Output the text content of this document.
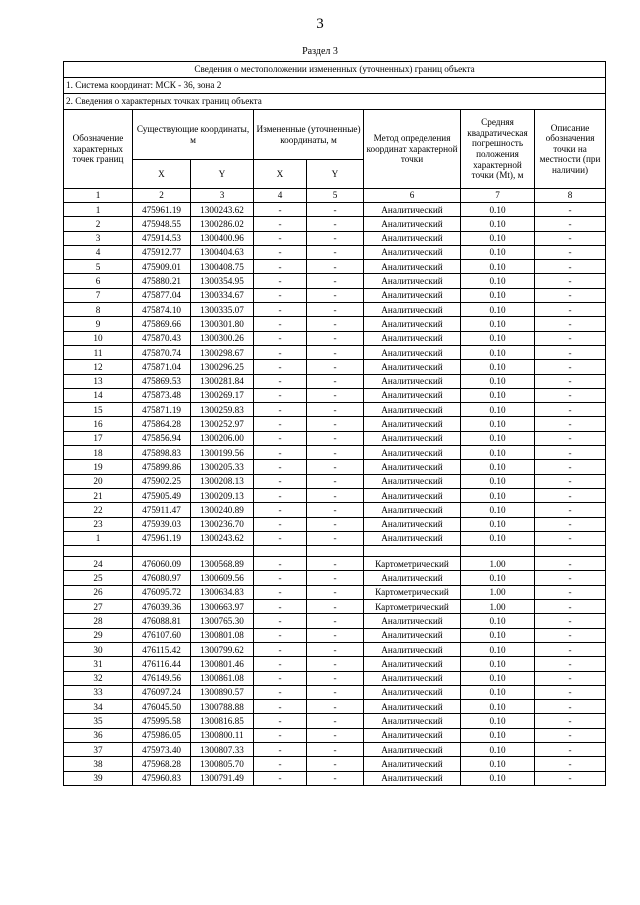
3
Раздел 3
Сведения о местоположении измененных (уточненных) границ объекта							
1. Система координат: МСК - 36, зона 2							
2. Сведения о характерных точках границ объекта							
Обозначение характерных точек границ	Существующие координаты, м		Измененные (уточненные) координаты, м		Метод определения координат характерной точки	Средняя квадратическая погрешность положения характерной точки (Mt), м	Описание обозначения точки на местности (при наличии)
	X	Y	X	Y			
1	2	3	4	5	6	7	8
1	475961.19	1300243.62	-	-	Аналитический	0.10	-
2	475948.55	1300286.02	-	-	Аналитический	0.10	-
3	475914.53	1300400.96	-	-	Аналитический	0.10	-
4	475912.77	1300404.63	-	-	Аналитический	0.10	-
5	475909.01	1300408.75	-	-	Аналитический	0.10	-
6	475880.21	1300354.95	-	-	Аналитический	0.10	-
7	475877.04	1300334.67	-	-	Аналитический	0.10	-
8	475874.10	1300335.07	-	-	Аналитический	0.10	-
9	475869.66	1300301.80	-	-	Аналитический	0.10	-
10	475870.43	1300300.26	-	-	Аналитический	0.10	-
11	475870.74	1300298.67	-	-	Аналитический	0.10	-
12	475871.04	1300296.25	-	-	Аналитический	0.10	-
13	475869.53	1300281.84	-	-	Аналитический	0.10	-
14	475873.48	1300269.17	-	-	Аналитический	0.10	-
15	475871.19	1300259.83	-	-	Аналитический	0.10	-
16	475864.28	1300252.97	-	-	Аналитический	0.10	-
17	475856.94	1300206.00	-	-	Аналитический	0.10	-
18	475898.83	1300199.56	-	-	Аналитический	0.10	-
19	475899.86	1300205.33	-	-	Аналитический	0.10	-
20	475902.25	1300208.13	-	-	Аналитический	0.10	-
21	475905.49	1300209.13	-	-	Аналитический	0.10	-
22	475911.47	1300240.89	-	-	Аналитический	0.10	-
23	475939.03	1300236.70	-	-	Аналитический	0.10	-
1	475961.19	1300243.62	-	-	Аналитический	0.10	-

24	476060.09	1300568.89	-	-	Картометрический	1.00	-
25	476080.97	1300609.56	-	-	Аналитический	0.10	-
26	476095.72	1300634.83	-	-	Картометрический	1.00	-
27	476039.36	1300663.97	-	-	Картометрический	1.00	-
28	476088.81	1300765.30	-	-	Аналитический	0.10	-
29	476107.60	1300801.08	-	-	Аналитический	0.10	-
30	476115.42	1300799.62	-	-	Аналитический	0.10	-
31	476116.44	1300801.46	-	-	Аналитический	0.10	-
32	476149.56	1300861.08	-	-	Аналитический	0.10	-
33	476097.24	1300890.57	-	-	Аналитический	0.10	-
34	476045.50	1300788.88	-	-	Аналитический	0.10	-
35	475995.58	1300816.85	-	-	Аналитический	0.10	-
36	475986.05	1300800.11	-	-	Аналитический	0.10	-
37	475973.40	1300807.33	-	-	Аналитический	0.10	-
38	475968.28	1300805.70	-	-	Аналитический	0.10	-
39	475960.83	1300791.49	-	-	Аналитический	0.10	-
